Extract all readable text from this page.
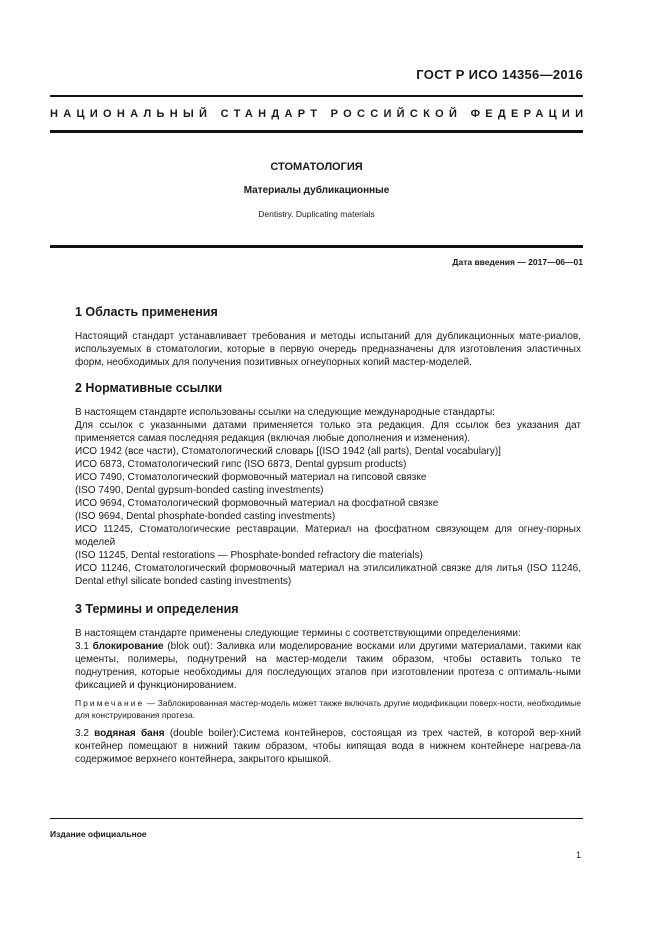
ГОСТ Р ИСО 14356—2016
НАЦИОНАЛЬНЫЙ СТАНДАРТ РОССИЙСКОЙ ФЕДЕРАЦИИ
СТОМАТОЛОГИЯ
Материалы дубликационные
Dentistry. Duplicating materials
Дата введения — 2017—06—01
1 Область применения

Настоящий стандарт устанавливает требования и методы испытаний для дубликационных мате-риалов, используемых в стоматологии, которые в первую очередь предназначены для изготовления эластичных форм, необходимых для получения позитивных огнеупорных копий мастер-моделей.

2 Нормативные ссылки

В настоящем стандарте использованы ссылки на следующие международные стандарты:

Для ссылок с указанными датами применяется только эта редакция. Для ссылок без указания дат применяется самая последняя редакция (включая любые дополнения и изменения).

ИСО 1942 (все части), Стоматологический словарь [(ISO 1942 (all parts), Dental vocabulary)]

ИСО 6873, Стоматологический гипс (ISO 6873, Dental gypsum products)

ИСО 7490, Стоматологический формовочный материал на гипсовой связке

(ISO 7490, Dental gypsum-bonded casting investments)

ИСО 9694, Стоматологический формовочный материал на фосфатной связке

(ISO 9694, Dental phosphate-bonded casting investments)

ИСО 11245, Стоматологические реставрации. Материал на фосфатном связующем для огнеу-порных моделей

(ISO 11245, Dental restorations — Phosphate-bonded refractory die materials)

ИСО 11246, Стоматологический формовочный материал на этилсиликатной связке для литья (ISO 11246, Dental ethyl silicate bonded casting investments)

3 Термины и определения

В настоящем стандарте применены следующие термины с соответствующими определениями:

3.1 блокирование (blok out): Заливка или моделирование восками или другими материалами, такими как цементы, полимеры, поднутрений на мастер-модели таким образом, чтобы оставить только те поднутрения, которые необходимы для последующих этапов при изготовлении протеза с оптималь-ными фиксацией и функционированием.

Примечание — Заблокированная мастер-модель может также включать другие модификации поверх-ности, необходимые для конструирования протеза.

3.2 водяная баня (double boiler):Система контейнеров, состоящая из трех частей, в которой вер-хний контейнер помещают в нижний таким образом, чтобы кипящая вода в нижнем контейнере нагрева-ла содержимое верхнего контейнера, закрытого крышкой.

Издание официальное
1
